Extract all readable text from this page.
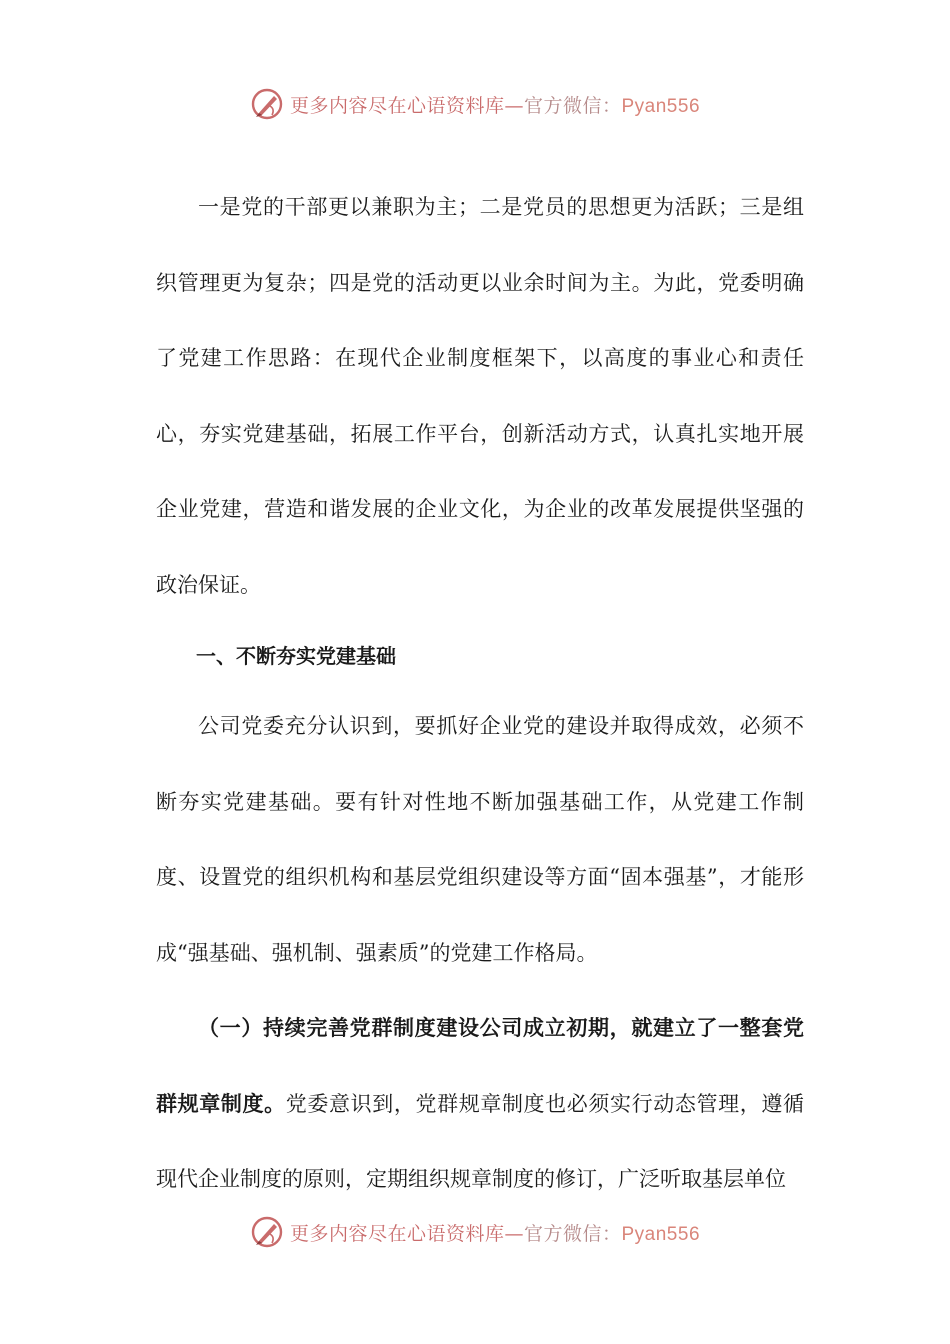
更多内容尽在心语资料库—官方微信：Pyan556

一是党的干部更以兼职为主；二是党员的思想更为活跃；三是组织管理更为复杂；四是党的活动更以业余时间为主。为此，党委明确了党建工作思路：在现代企业制度框架下，以高度的事业心和责任心，夯实党建基础，拓展工作平台，创新活动方式，认真扎实地开展企业党建，营造和谐发展的企业文化，为企业的改革发展提供坚强的政治保证。

一、不断夯实党建基础

公司党委充分认识到，要抓好企业党的建设并取得成效，必须不断夯实党建基础。要有针对性地不断加强基础工作，从党建工作制度、设置党的组织机构和基层党组织建设等方面“固本强基”，才能形成“强基础、强机制、强素质”的党建工作格局。

（一）持续完善党群制度建设公司成立初期，就建立了一整套党群规章制度。党委意识到，党群规章制度也必须实行动态管理，遵循现代企业制度的原则，定期组织规章制度的修订，广泛听取基层单位

更多内容尽在心语资料库—官方微信：Pyan556
